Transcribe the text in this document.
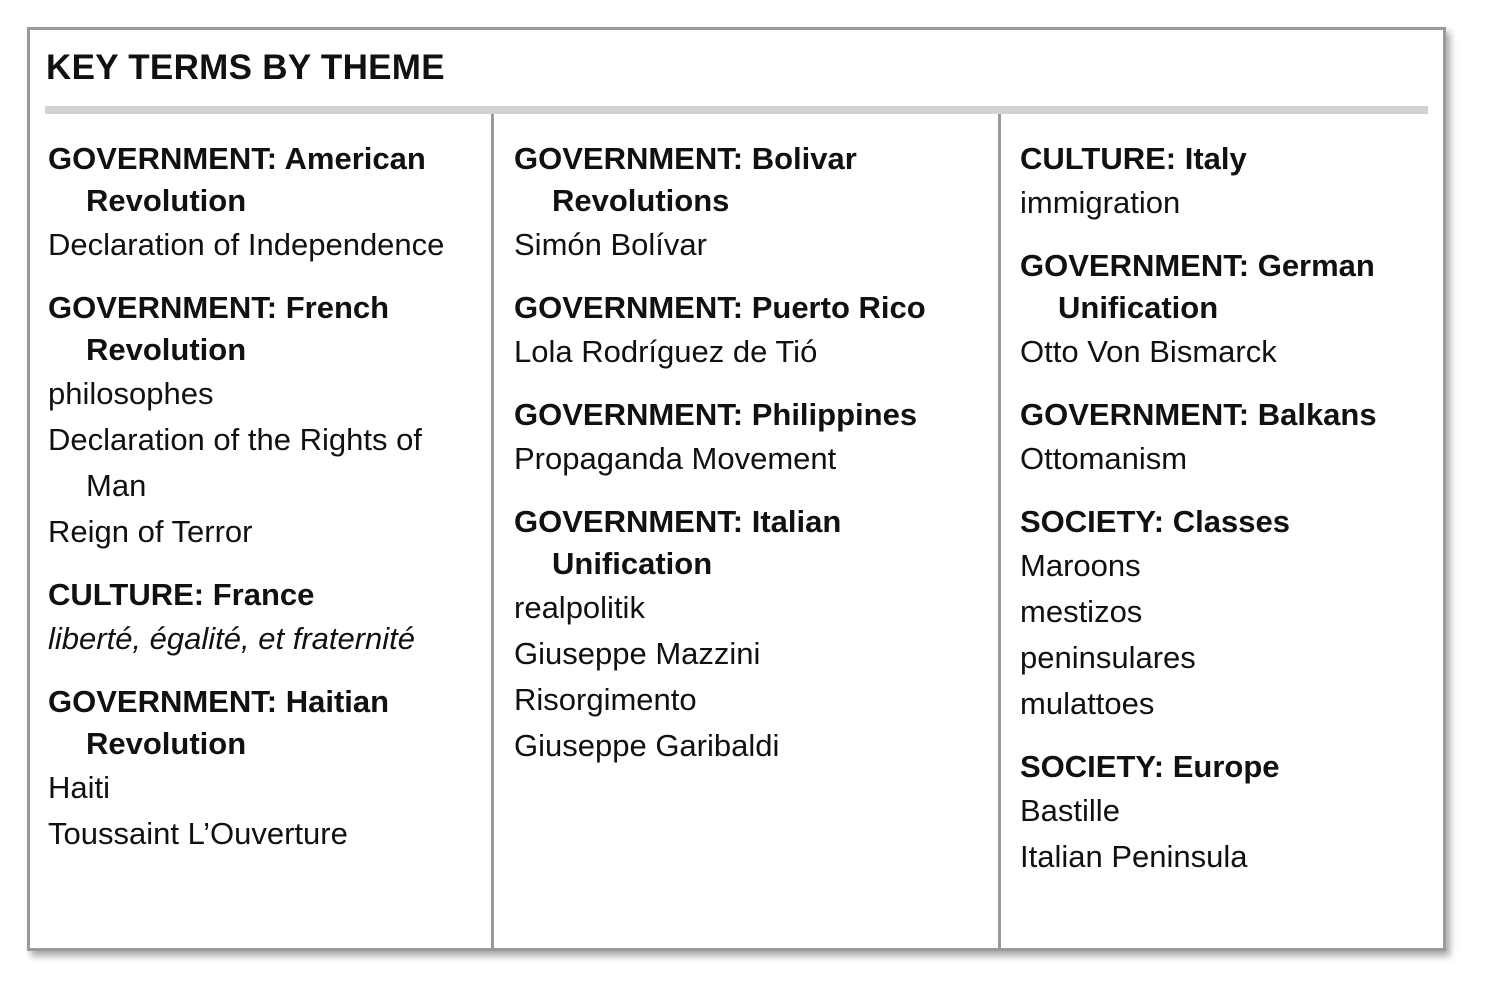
KEY TERMS BY THEME
GOVERNMENT: American Revolution
Declaration of Independence
GOVERNMENT: French Revolution
philosophes
Declaration of the Rights of Man
Reign of Terror
CULTURE: France
liberté, égalité, et fraternité
GOVERNMENT: Haitian Revolution
Haiti
Toussaint L’Ouverture
GOVERNMENT: Bolivar Revolutions
Simón Bolívar
GOVERNMENT: Puerto Rico
Lola Rodríguez de Tió
GOVERNMENT: Philippines
Propaganda Movement
GOVERNMENT: Italian Unification
realpolitik
Giuseppe Mazzini
Risorgimento
Giuseppe Garibaldi
CULTURE: Italy
immigration
GOVERNMENT: German Unification
Otto Von Bismarck
GOVERNMENT: Balkans
Ottomanism
SOCIETY: Classes
Maroons
mestizos
peninsulares
mulattoes
SOCIETY: Europe
Bastille
Italian Peninsula
